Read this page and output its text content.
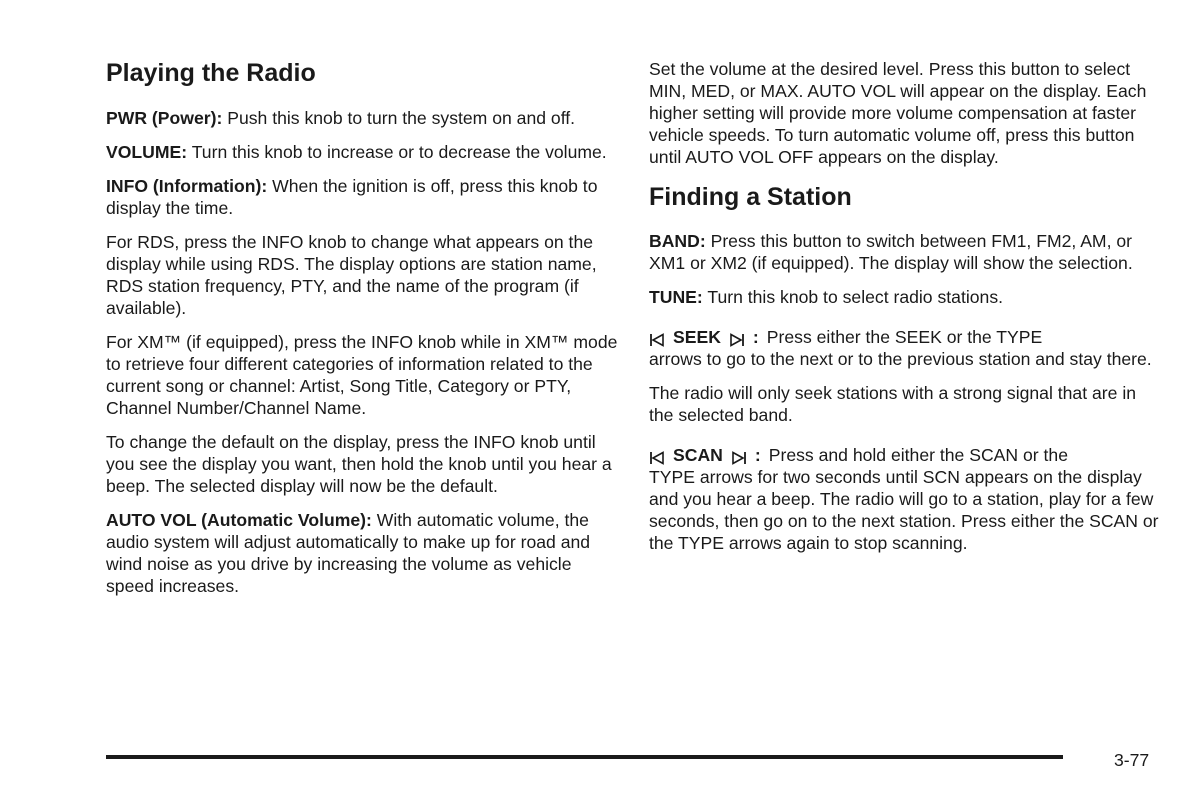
Playing the Radio

PWR (Power): Push this knob to turn the system on and off.

VOLUME: Turn this knob to increase or to decrease the volume.

INFO (Information): When the ignition is off, press this knob to display the time.

For RDS, press the INFO knob to change what appears on the display while using RDS. The display options are station name, RDS station frequency, PTY, and the name of the program (if available).

For XM™ (if equipped), press the INFO knob while in XM™ mode to retrieve four different categories of information related to the current song or channel: Artist, Song Title, Category or PTY, Channel Number/Channel Name.

To change the default on the display, press the INFO knob until you see the display you want, then hold the knob until you hear a beep. The selected display will now be the default.

AUTO VOL (Automatic Volume): With automatic volume, the audio system will adjust automatically to make up for road and wind noise as you drive by increasing the volume as vehicle speed increases.

Set the volume at the desired level. Press this button to select MIN, MED, or MAX. AUTO VOL will appear on the display. Each higher setting will provide more volume compensation at faster vehicle speeds. To turn automatic volume off, press this button until AUTO VOL OFF appears on the display.

Finding a Station

BAND: Press this button to switch between FM1, FM2, AM, or XM1 or XM2 (if equipped). The display will show the selection.

TUNE: Turn this knob to select radio stations.

SEEK : Press either the SEEK or the TYPE

arrows to go to the next or to the previous station and stay there.

The radio will only seek stations with a strong signal that are in the selected band.

SCAN : Press and hold either the SCAN or the

TYPE arrows for two seconds until SCN appears on the display and you hear a beep. The radio will go to a station, play for a few seconds, then go on to the next station. Press either the SCAN or the TYPE arrows again to stop scanning.

3-77
